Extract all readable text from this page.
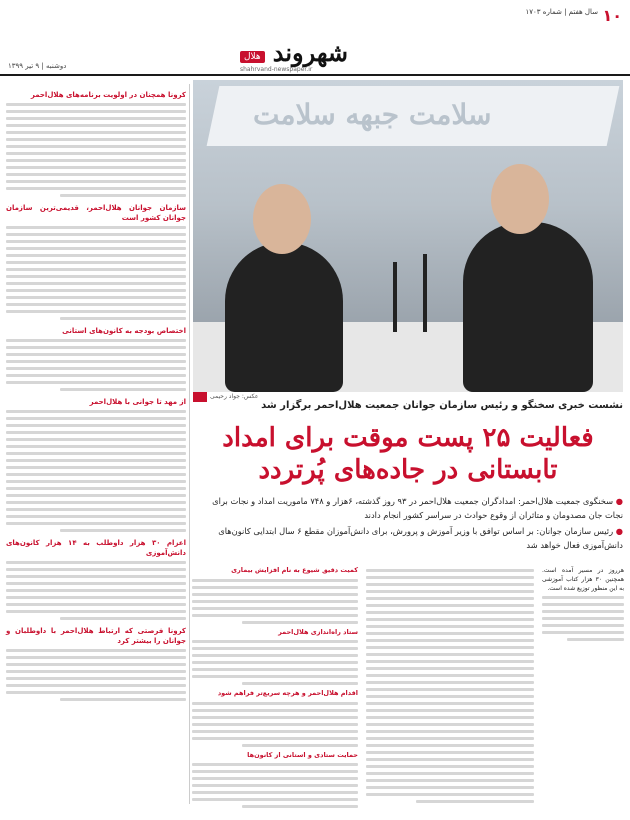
۱۰
سال هفتم | شماره ۱۷۰۳
شهروند هلال
shahrvand-newspaper.ir
دوشنبه | ۹ تیر ۱۳۹۹
کرونا همچنان در اولویت برنامه‌های هلال‌احمر
سازمان جوانان هلال‌احمر، قدیمی‌ترین سازمان جوانان کشور است
اختصاص بودجه به کانون‌های استانی
از مهد تا جوانی با هلال‌احمر
اعزام ۳۰ هزار داوطلب به ۱۴ هزار کانون‌های دانش‌آموزی
کرونا فرصتی که ارتباط هلال‌احمر با داوطلبان و جوانان را بیشتر کرد
سلامت جبهه سلامت
عکس: جواد رحیمی
نشست خبری سخنگو و رئیس سازمان جوانان جمعیت هلال‌احمر برگزار شد
فعالیت ۲۵ پست موقت برای امداد
تابستانی در جاده‌های پُرتردد

● سخنگوی جمعیت هلال‌احمر: امدادگران جمعیت هلال‌احمر در ۹۳ روز گذشته، ۶هزار و ۷۴۸ ماموریت امداد و نجات برای نجات جان مصدومان و متاثران از وقوع حوادث در سراسر کشور انجام دادند

● رئیس سازمان جوانان: بر اساس توافق با وزیر آموزش و پرورش، برای دانش‌آموزان مقطع ۶ سال ابتدایی کانون‌های دانش‌آموزی فعال خواهد شد

کمیت دقیق شیوع به نام افزایش بیماری
ستاد راه‌اندازی هلال‌احمر
اقدام هلال‌احمر و هرچه سریع‌تر فراهم شود
حمایت ستادی و استانی از کانون‌ها
هرروز در مسیر آمده است. همچنین ۳۰ هزار کتاب آموزشی به این منظور توزیع شده است.
